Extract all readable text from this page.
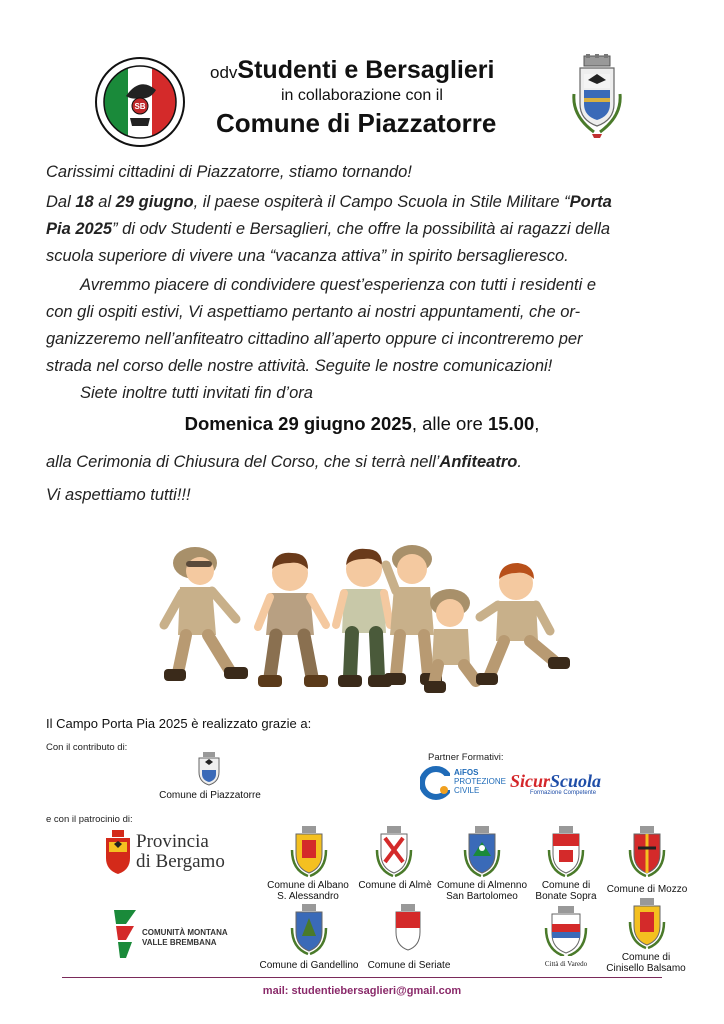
SB
odvStudenti e Bersaglieri
in collaborazione con il
Comune di Piazzatorre
Carissimi cittadini di Piazzatorre, stiamo tornando!
Dal 18 al 29 giugno, il paese ospiterà il Campo Scuola in Stile Militare “Porta
Pia 2025” di odv Studenti e Bersaglieri, che offre la possibilità ai ragazzi della
scuola superiore di vivere una “vacanza attiva” in spirito bersaglieresco.
Avremmo piacere di condividere quest’esperienza con tutti i residenti e
con gli ospiti estivi, Vi aspettiamo pertanto ai nostri appuntamenti, che or-
ganizzeremo nell’anfiteatro cittadino all’aperto oppure ci incontreremo per
strada nel corso delle nostre attività. Seguite le nostre comunicazioni!
Siete inoltre tutti invitati fin d’ora
Domenica 29 giugno 2025, alle ore 15.00,
alla Cerimonia di Chiusura del Corso, che si terrà nell’Anfiteatro.
Vi aspettiamo tutti!!!
Il Campo Porta Pia 2025 è realizzato grazie a:
Con il contributo di:
Comune di Piazzatorre
Partner Formativi:
AiFOS
PROTEZIONE
CIVILE	SicurScuola
Formazione Competente
e con il patrocinio di:
Provincia
di Bergamo
COMUNITÀ MONTANA
VALLE BREMBANA
Comune di Albano
S. Alessandro
Comune di Almè Comune di Almenno
San Bartolomeo
Comune di
Bonate Sopra
Comune di Mozzo
Comune di Gandellino Comune di Seriate	Città di Varedo
Comune di
Cinisello Balsamo
mail: studentiebersaglieri@gmail.com
